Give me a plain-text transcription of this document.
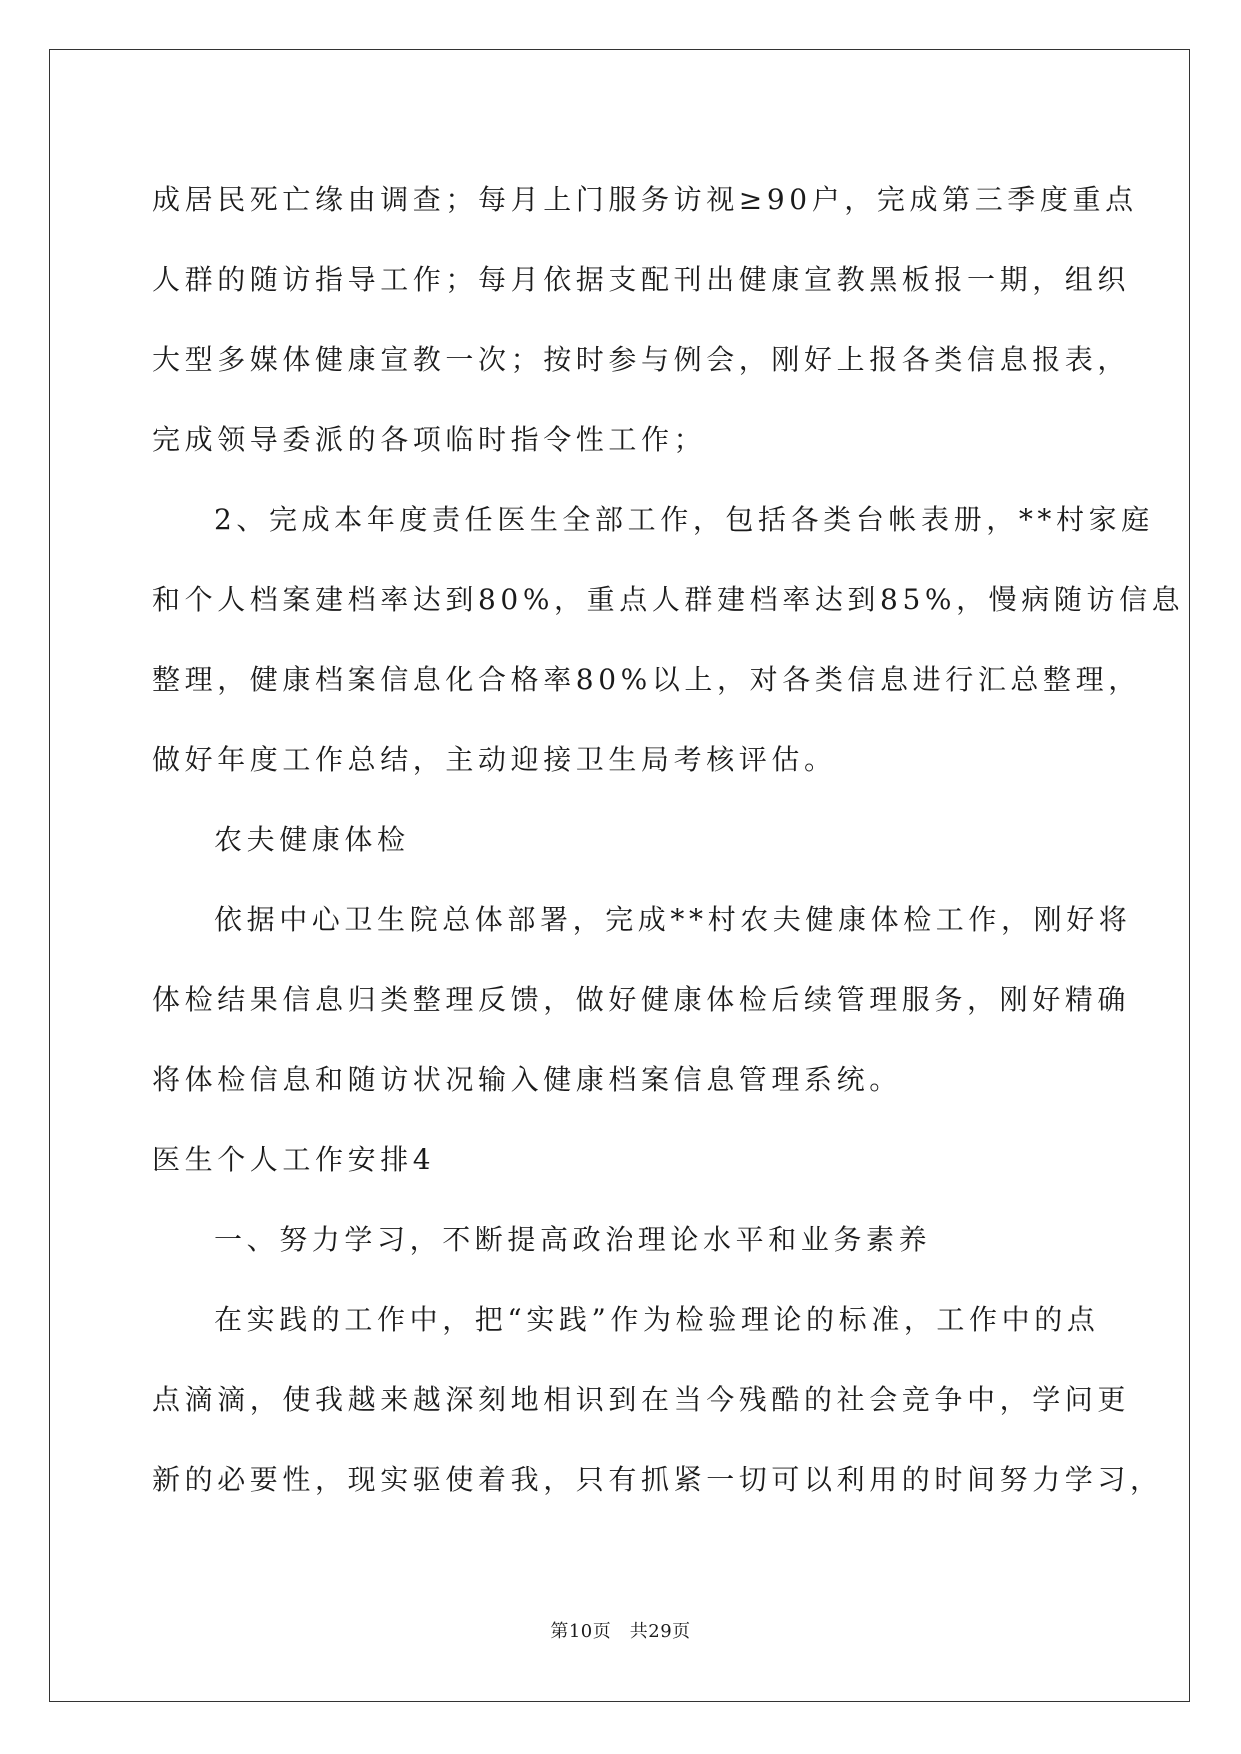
成居民死亡缘由调查；每月上门服务访视≥90户，完成第三季度重点
人群的随访指导工作；每月依据支配刊出健康宣教黑板报一期，组织
大型多媒体健康宣教一次；按时参与例会，刚好上报各类信息报表，
完成领导委派的各项临时指令性工作；
2、完成本年度责任医生全部工作，包括各类台帐表册，**村家庭
和个人档案建档率达到80%，重点人群建档率达到85%，慢病随访信息
整理，健康档案信息化合格率80%以上，对各类信息进行汇总整理，
做好年度工作总结，主动迎接卫生局考核评估。
农夫健康体检
依据中心卫生院总体部署，完成**村农夫健康体检工作，刚好将
体检结果信息归类整理反馈，做好健康体检后续管理服务，刚好精确
将体检信息和随访状况输入健康档案信息管理系统。
医生个人工作安排4
一、努力学习，不断提高政治理论水平和业务素养
在实践的工作中，把“实践”作为检验理论的标准，工作中的点
点滴滴，使我越来越深刻地相识到在当今残酷的社会竞争中，学问更
新的必要性，现实驱使着我，只有抓紧一切可以利用的时间努力学习，
第10页　共29页
